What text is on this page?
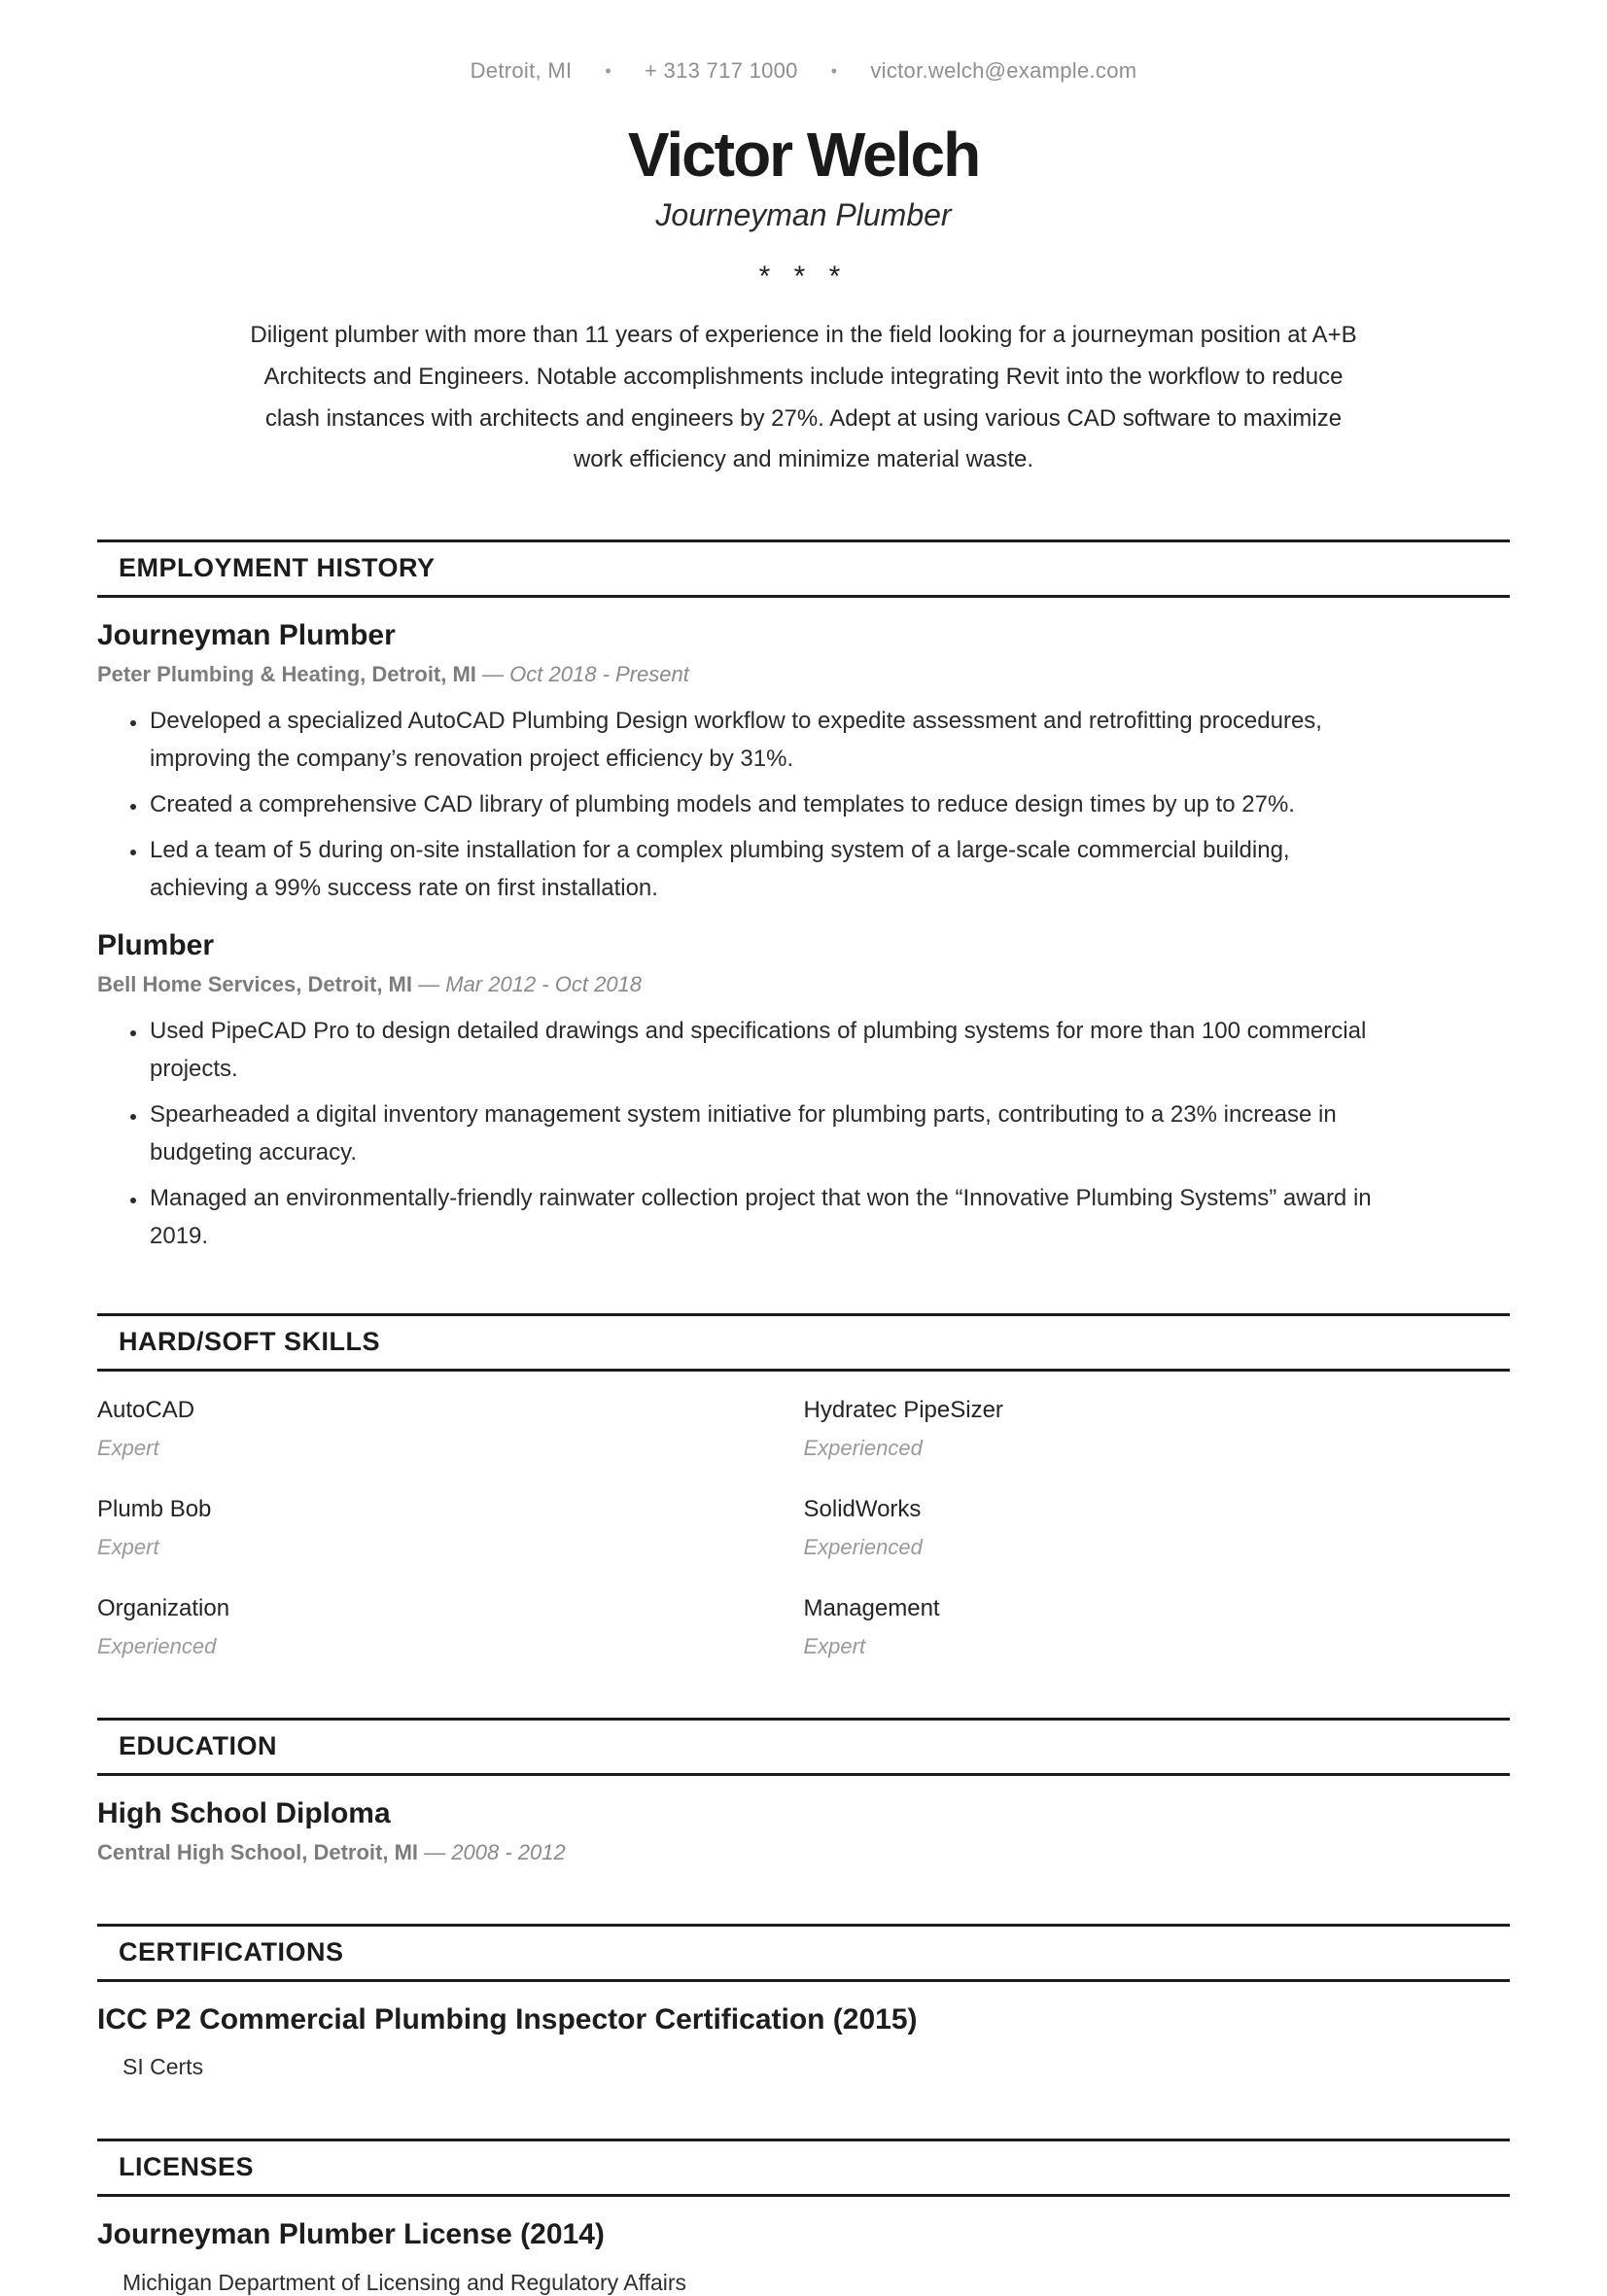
Detroit, MI • + 313 717 1000 • victor.welch@example.com
Victor Welch
Journeyman Plumber
* * *

Diligent plumber with more than 11 years of experience in the field looking for a journeyman position at A+B Architects and Engineers. Notable accomplishments include integrating Revit into the workflow to reduce clash instances with architects and engineers by 27%. Adept at using various CAD software to maximize work efficiency and minimize material waste.

EMPLOYMENT HISTORY
Journeyman Plumber

Peter Plumbing & Heating, Detroit, MI — Oct 2018 - Present

• Developed a specialized AutoCAD Plumbing Design workflow to expedite assessment and retrofitting procedures, improving the company’s renovation project efficiency by 31%.
• Created a comprehensive CAD library of plumbing models and templates to reduce design times by up to 27%.
• Led a team of 5 during on-site installation for a complex plumbing system of a large-scale commercial building, achieving a 99% success rate on first installation.
Plumber

Bell Home Services, Detroit, MI — Mar 2012 - Oct 2018

• Used PipeCAD Pro to design detailed drawings and specifications of plumbing systems for more than 100 commercial projects.
• Spearheaded a digital inventory management system initiative for plumbing parts, contributing to a 23% increase in budgeting accuracy.
• Managed an environmentally-friendly rainwater collection project that won the “Innovative Plumbing Systems” award in 2019.
HARD/SOFT SKILLS

AutoCAD

Expert

Hydratec PipeSizer

Experienced

Plumb Bob

Expert

SolidWorks

Experienced

Organization

Experienced

Management

Expert

EDUCATION
High School Diploma

Central High School, Detroit, MI — 2008 - 2012

CERTIFICATIONS
ICC P2 Commercial Plumbing Inspector Certification (2015)

SI Certs

LICENSES
Journeyman Plumber License (2014)

Michigan Department of Licensing and Regulatory Affairs
